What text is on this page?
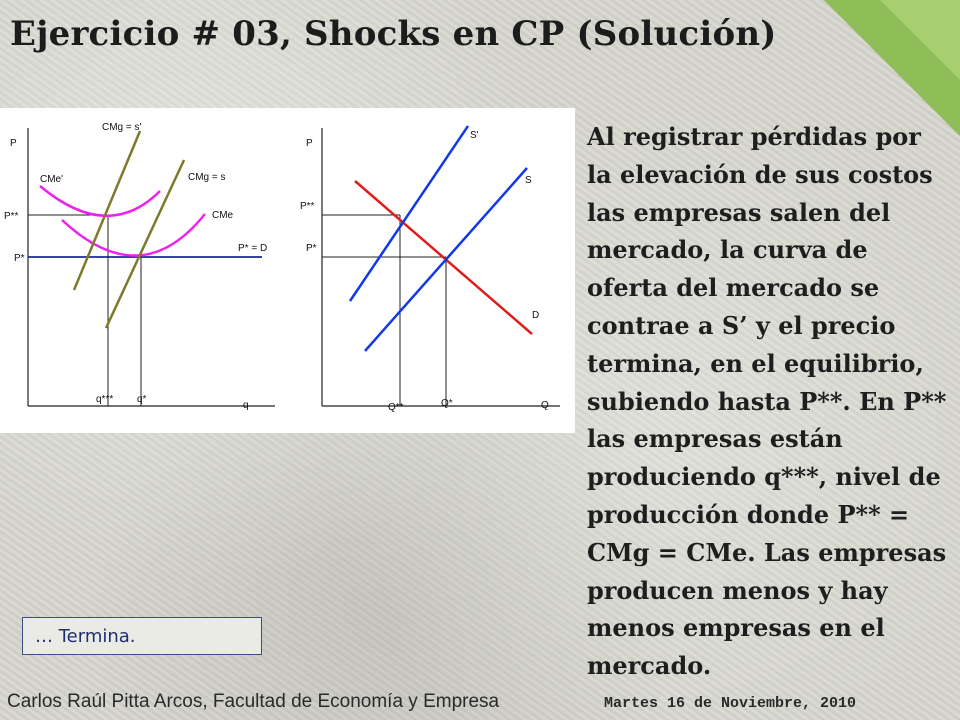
Ejercicio # 03, Shocks en CP (Solución)
P
q
P* = D
P**
P*
q*** q*
CMe'
CMe
CMg = s'
CMg = s
P
Q
P**
P*
Q**	Q*
D
S'
S

Al registrar pérdidas por la elevación de sus costos las empresas salen del mercado, la curva de oferta del mercado se contrae a S’ y el precio termina, en el equilibrio, subiendo hasta P**. En P** las empresas están produciendo q***, nivel de producción donde P** = CMg = CMe. Las empresas producen menos y hay menos empresas en el mercado.

… Termina.
Carlos Raúl Pitta Arcos, Facultad de Economía y Empresa	Martes 16 de Noviembre, 2010
